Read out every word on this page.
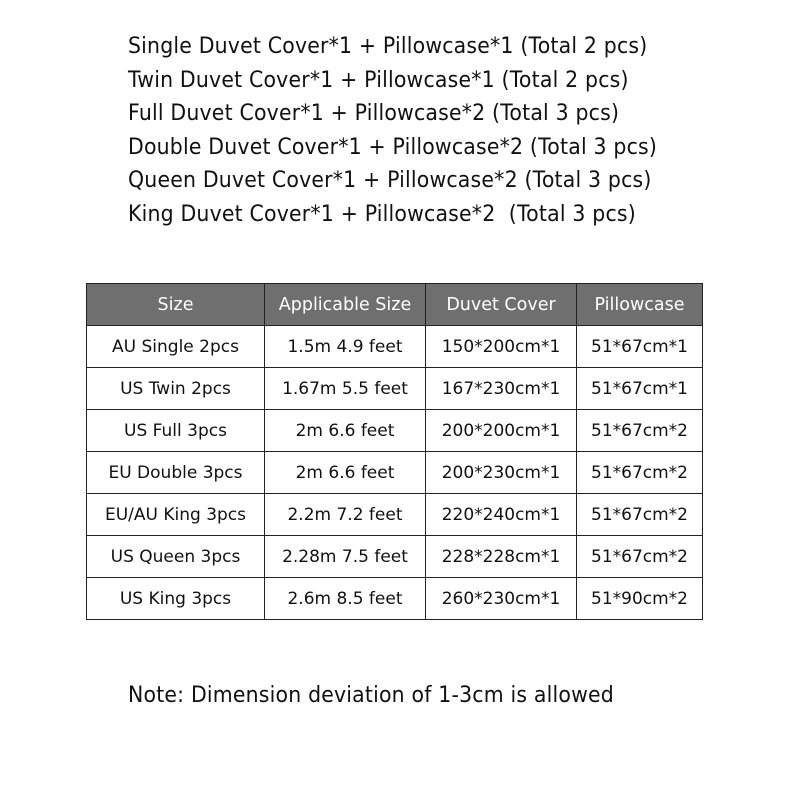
Single Duvet Cover*1 + Pillowcase*1 (Total 2 pcs)
Twin Duvet Cover*1 + Pillowcase*1 (Total 2 pcs)
Full Duvet Cover*1 + Pillowcase*2 (Total 3 pcs)
Double Duvet Cover*1 + Pillowcase*2 (Total 3 pcs)
Queen Duvet Cover*1 + Pillowcase*2 (Total 3 pcs)
King Duvet Cover*1 + Pillowcase*2  (Total 3 pcs)
Size	Applicable Size	Duvet Cover	Pillowcase
AU Single 2pcs	1.5m 4.9 feet	150*200cm*1	51*67cm*1
US Twin 2pcs	1.67m 5.5 feet	167*230cm*1	51*67cm*1
US Full 3pcs	2m 6.6 feet	200*200cm*1	51*67cm*2
EU Double 3pcs	2m 6.6 feet	200*230cm*1	51*67cm*2
EU/AU King 3pcs	2.2m 7.2 feet	220*240cm*1	51*67cm*2
US Queen 3pcs	2.28m 7.5 feet	228*228cm*1	51*67cm*2
US King 3pcs	2.6m 8.5 feet	260*230cm*1	51*90cm*2
Note: Dimension deviation of 1-3cm is allowed
